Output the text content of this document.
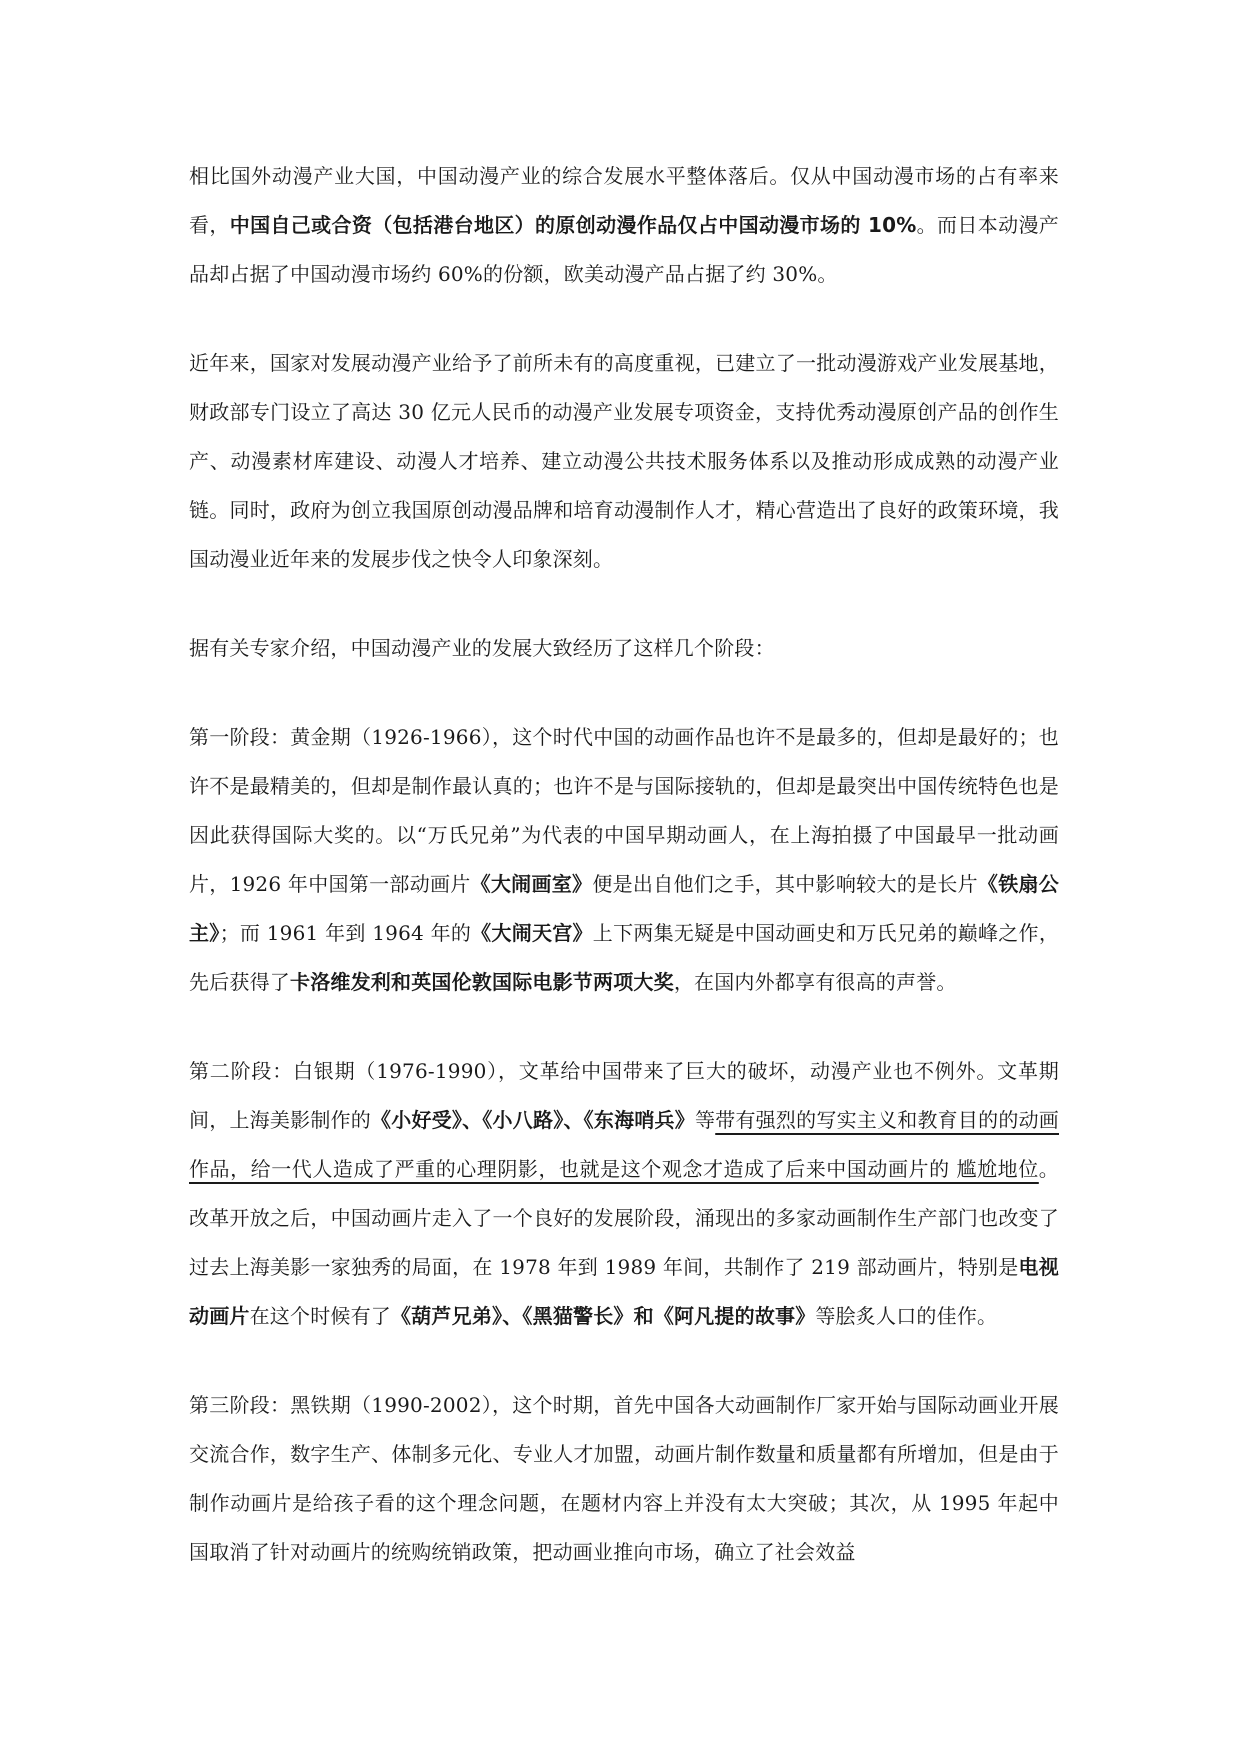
相比国外动漫产业大国，中国动漫产业的综合发展水平整体落后。仅从中国动漫市场的占有率来看，中国自己或合资（包括港台地区）的原创动漫作品仅占中国动漫市场的 10%。而日本动漫产品却占据了中国动漫市场约 60%的份额，欧美动漫产品占据了约 30%。

近年来，国家对发展动漫产业给予了前所未有的高度重视，已建立了一批动漫游戏产业发展基地，财政部专门设立了高达 30 亿元人民币的动漫产业发展专项资金，支持优秀动漫原创产品的创作生产、动漫素材库建设、动漫人才培养、建立动漫公共技术服务体系以及推动形成成熟的动漫产业链。同时，政府为创立我国原创动漫品牌和培育动漫制作人才，精心营造出了良好的政策环境，我国动漫业近年来的发展步伐之快令人印象深刻。

据有关专家介绍，中国动漫产业的发展大致经历了这样几个阶段：

第一阶段：黄金期（1926-1966），这个时代中国的动画作品也许不是最多的，但却是最好的；也许不是最精美的，但却是制作最认真的；也许不是与国际接轨的，但却是最突出中国传统特色也是因此获得国际大奖的。以“万氏兄弟”为代表的中国早期动画人，在上海拍摄了中国最早一批动画片，1926 年中国第一部动画片《大闹画室》便是出自他们之手，其中影响较大的是长片《铁扇公主》；而 1961 年到 1964 年的《大闹天宫》上下两集无疑是中国动画史和万氏兄弟的巅峰之作，先后获得了卡洛维发利和英国伦敦国际电影节两项大奖，在国内外都享有很高的声誉。

第二阶段：白银期（1976-1990），文革给中国带来了巨大的破坏，动漫产业也不例外。文革期间，上海美影制作的《小好受》、《小八路》、《东海哨兵》等带有强烈的写实主义和教育目的的动画作品，给一代人造成了严重的心理阴影，也就是这个观念才造成了后来中国动画片的 尴尬地位。改革开放之后，中国动画片走入了一个良好的发展阶段，涌现出的多家动画制作生产部门也改变了过去上海美影一家独秀的局面，在 1978 年到 1989 年间，共制作了 219 部动画片，特别是电视动画片在这个时候有了《葫芦兄弟》、《黑猫警长》和《阿凡提的故事》等脍炙人口的佳作。

第三阶段：黑铁期（1990-2002），这个时期，首先中国各大动画制作厂家开始与国际动画业开展交流合作，数字生产、体制多元化、专业人才加盟，动画片制作数量和质量都有所增加，但是由于制作动画片是给孩子看的这个理念问题，在题材内容上并没有太大突破；其次，从 1995 年起中国取消了针对动画片的统购统销政策，把动画业推向市场，确立了社会效益
